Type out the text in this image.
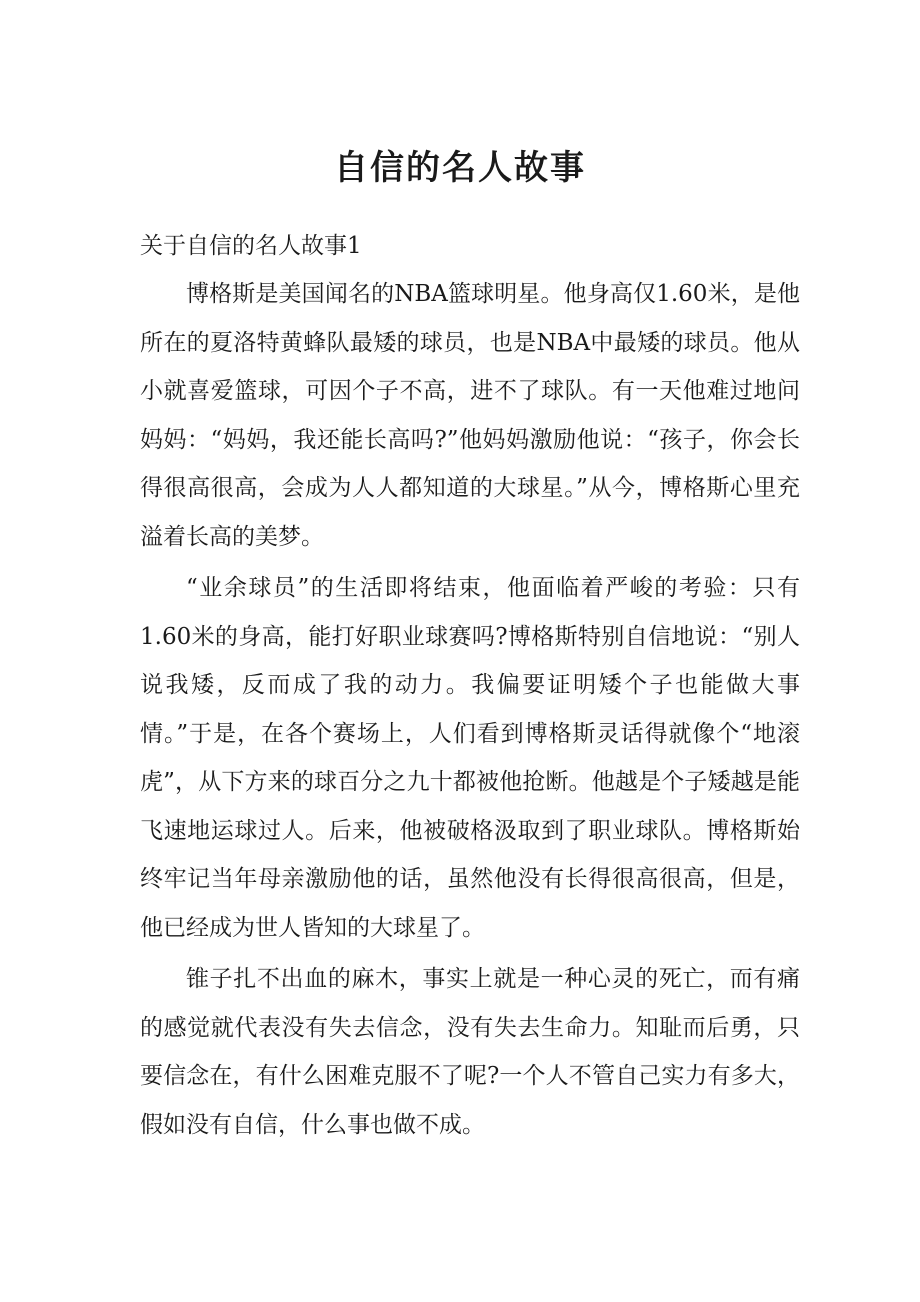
自信的名人故事

关于自信的名人故事1

博格斯是美国闻名的NBA篮球明星。他身高仅1.60米，是他所在的夏洛特黄蜂队最矮的球员，也是NBA中最矮的球员。他从小就喜爱篮球，可因个子不高，进不了球队。有一天他难过地问妈妈：“妈妈，我还能长高吗?”他妈妈激励他说：“孩子，你会长得很高很高，会成为人人都知道的大球星。”从今，博格斯心里充溢着长高的美梦。

“业余球员”的生活即将结束，他面临着严峻的考验：只有1.60米的身高，能打好职业球赛吗?博格斯特别自信地说：“别人说我矮，反而成了我的动力。我偏要证明矮个子也能做大事情。”于是，在各个赛场上，人们看到博格斯灵话得就像个“地滚虎”，从下方来的球百分之九十都被他抢断。他越是个子矮越是能飞速地运球过人。后来，他被破格汲取到了职业球队。博格斯始终牢记当年母亲激励他的话，虽然他没有长得很高很高，但是，他已经成为世人皆知的大球星了。

锥子扎不出血的麻木，事实上就是一种心灵的死亡，而有痛的感觉就代表没有失去信念，没有失去生命力。知耻而后勇，只要信念在，有什么困难克服不了呢?一个人不管自己实力有多大，假如没有自信，什么事也做不成。
